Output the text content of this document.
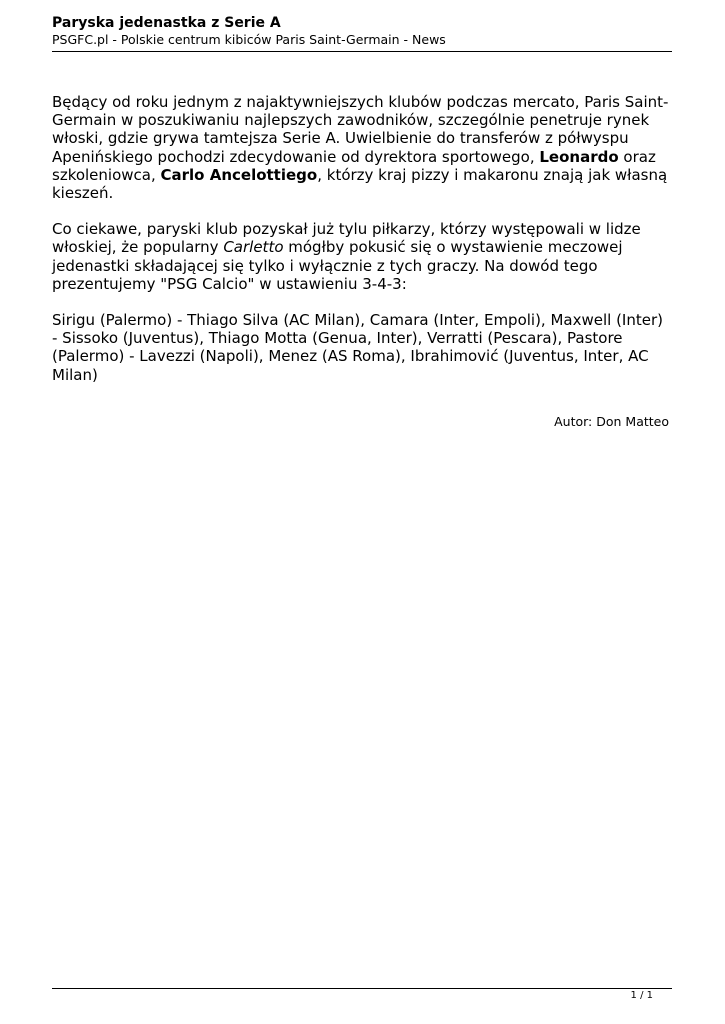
Paryska jedenastka z Serie A

PSGFC.pl - Polskie centrum kibiców Paris Saint-Germain - News

Będący od roku jednym z najaktywniejszych klubów podczas mercato, Paris Saint-Germain w poszukiwaniu najlepszych zawodników, szczególnie penetruje rynek włoski, gdzie grywa tamtejsza Serie A. Uwielbienie do transferów z półwyspu Apenińskiego pochodzi zdecydowanie od dyrektora sportowego, Leonardo oraz szkoleniowca, Carlo Ancelottiego, którzy kraj pizzy i makaronu znają jak własną kieszeń.

Co ciekawe, paryski klub pozyskał już tylu piłkarzy, którzy występowali w lidze włoskiej, że popularny Carletto mógłby pokusić się o wystawienie meczowej jedenastki składającej się tylko i wyłącznie z tych graczy. Na dowód tego prezentujemy "PSG Calcio" w ustawieniu 3-4-3:

Sirigu (Palermo) - Thiago Silva (AC Milan), Camara (Inter, Empoli), Maxwell (Inter) - Sissoko (Juventus), Thiago Motta (Genua, Inter), Verratti (Pescara), Pastore (Palermo) - Lavezzi (Napoli), Menez (AS Roma), Ibrahimović (Juventus, Inter, AC Milan)

Autor: Don Matteo
1 / 1
